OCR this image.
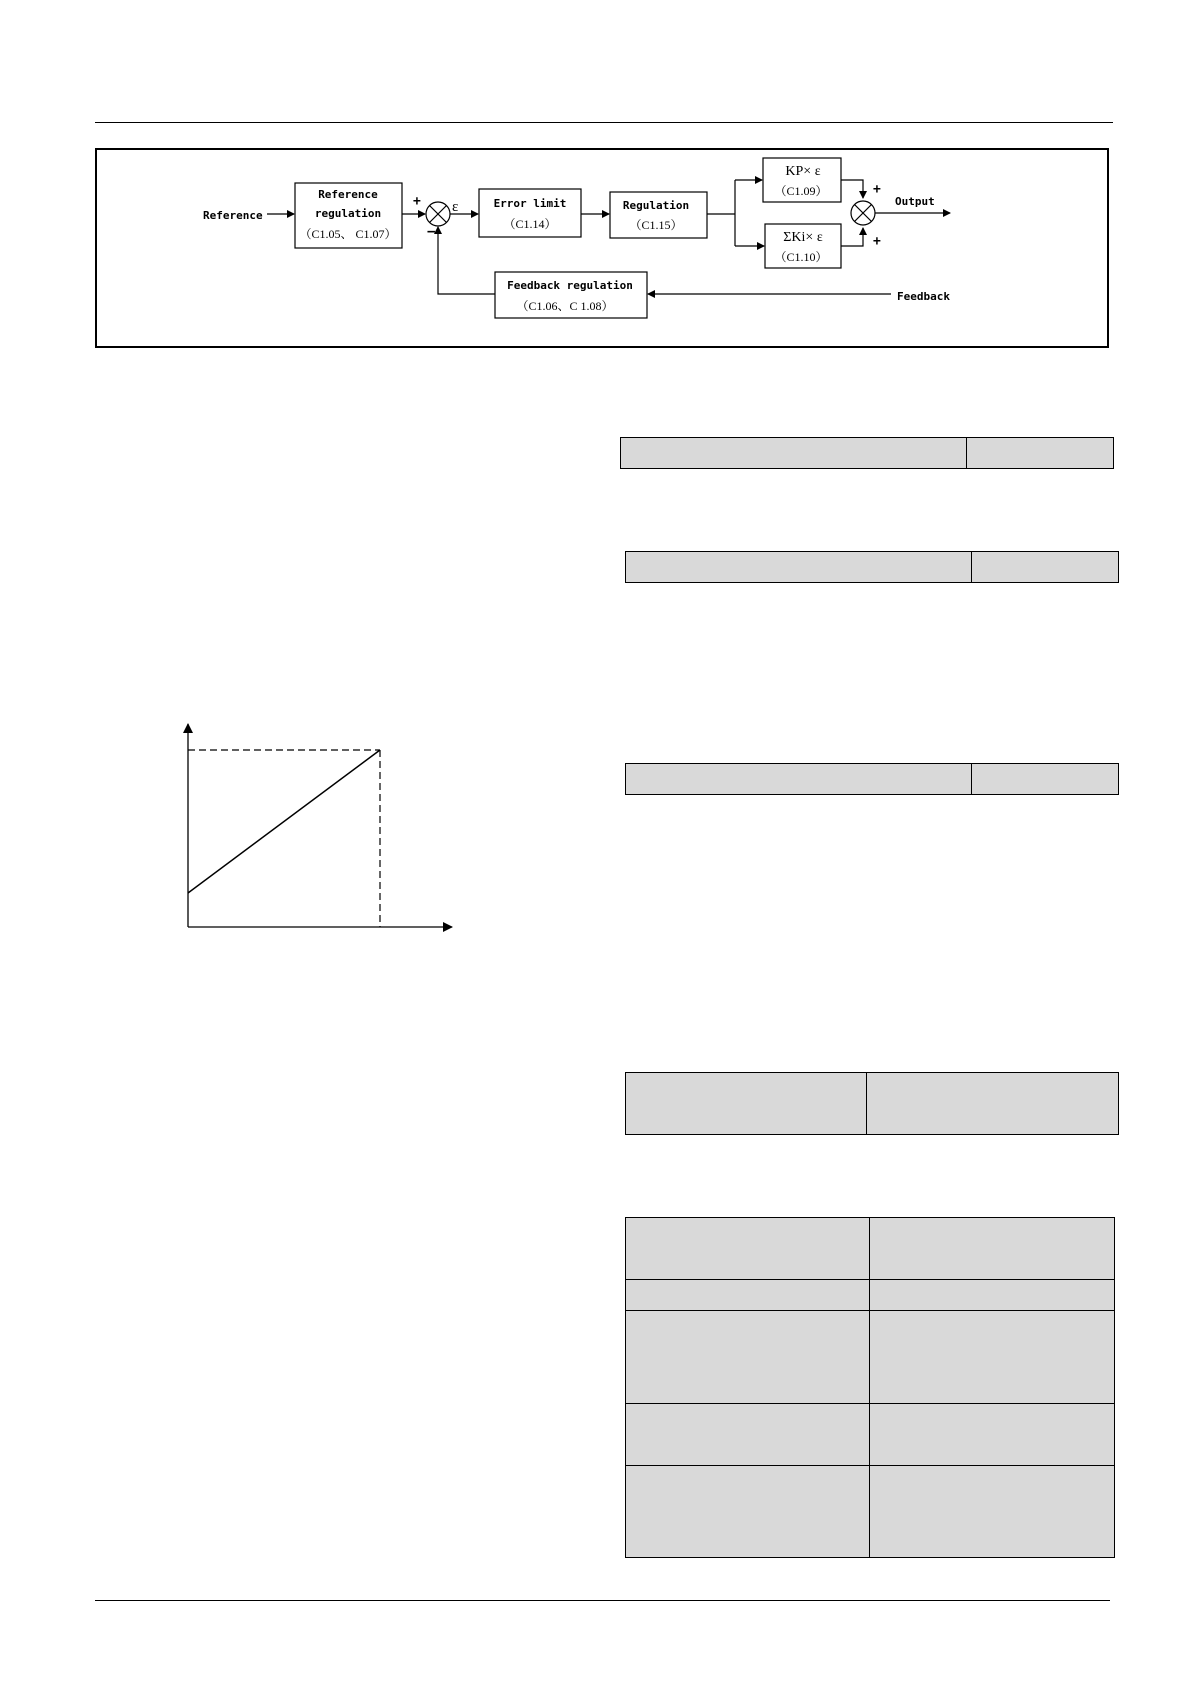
Reference
Reference
regulation
（C1.05、 C1.07）
+
−
ε	Error limit
（C1.14）
Regulation
（C1.15）
KP× ε
（C1.09）
ΣKi× ε
（C1.10）
+
+
Output
Feedback
Feedback regulation
（C1.06、C 1.08）
